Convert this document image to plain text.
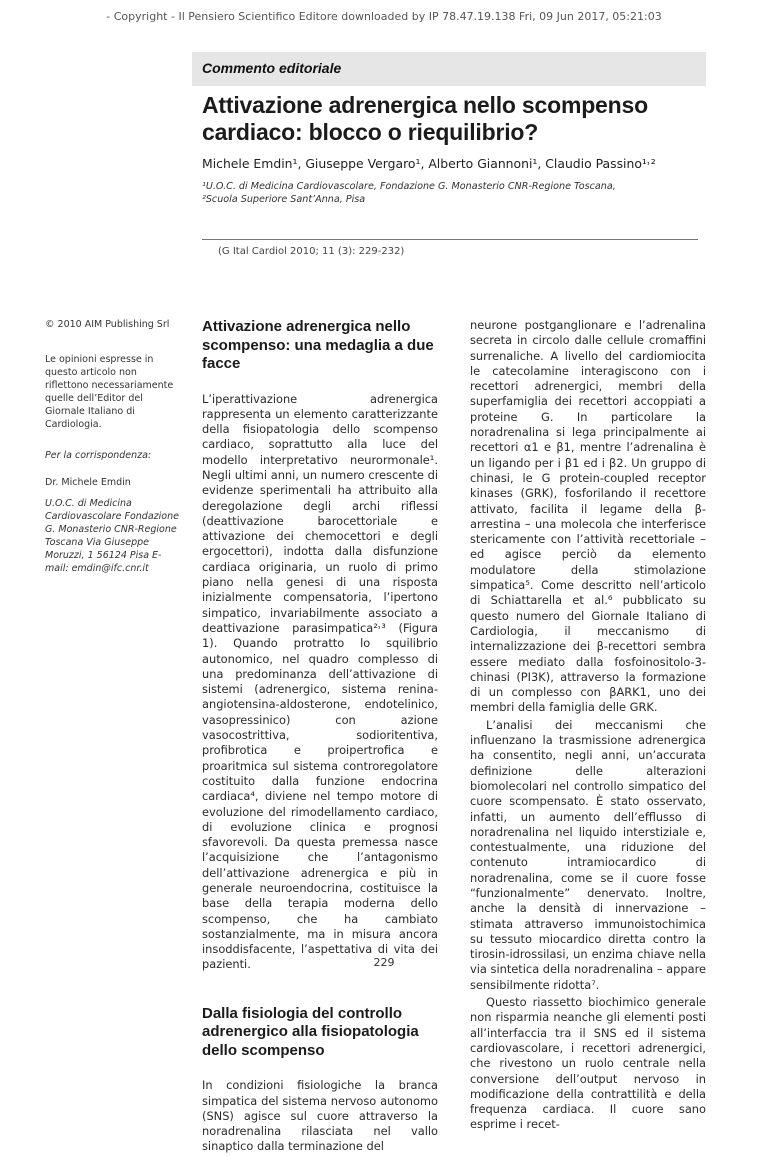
- Copyright - Il Pensiero Scientifico Editore downloaded by IP 78.47.19.138 Fri, 09 Jun 2017, 05:21:03
Commento editoriale
Attivazione adrenergica nello scompenso cardiaco: blocco o riequilibrio?
Michele Emdin¹, Giuseppe Vergaro¹, Alberto Giannoni¹, Claudio Passino¹˒²
¹U.O.C. di Medicina Cardiovascolare, Fondazione G. Monasterio CNR-Regione Toscana,
²Scuola Superiore Sant’Anna, Pisa
(G Ital Cardiol 2010; 11 (3): 229-232)

© 2010 AIM Publishing Srl

Le opinioni espresse in questo articolo non riflettono necessariamente quelle dell’Editor del Giornale Italiano di Cardiologia.

Per la corrispondenza:

Dr. Michele Emdin

U.O.C. di Medicina Cardiovascolare Fondazione G. Monasterio CNR-Regione Toscana Via Giuseppe Moruzzi, 1 56124 Pisa E-mail: emdin@ifc.cnr.it

Attivazione adrenergica nello scompenso: una medaglia a due facce

L’iperattivazione adrenergica rappresenta un elemento caratterizzante della fisiopatologia dello scompenso cardiaco, soprattutto alla luce del modello interpretativo neurormonale¹. Negli ultimi anni, un numero crescente di evidenze sperimentali ha attribuito alla deregolazione degli archi riflessi (deattivazione barocettoriale e attivazione dei chemocettori e degli ergocettori), indotta dalla disfunzione cardiaca originaria, un ruolo di primo piano nella genesi di una risposta inizialmente compensatoria, l’ipertono simpatico, invariabilmente associato a deattivazione parasimpatica²˒³ (Figura 1). Quando protratto lo squilibrio autonomico, nel quadro complesso di una predominanza dell’attivazione di sistemi (adrenergico, sistema renina-angiotensina-aldosterone, endotelinico, vasopressinico) con azione vasocostrittiva, sodioritentiva, profibrotica e proipertrofica e proaritmica sul sistema controregolatore costituito dalla funzione endocrina cardiaca⁴, diviene nel tempo motore di evoluzione del rimodellamento cardiaco, di evoluzione clinica e prognosi sfavorevoli. Da questa premessa nasce l’acquisizione che l’antagonismo dell’attivazione adrenergica e più in generale neuroendocrina, costituisce la base della terapia moderna dello scompenso, che ha cambiato sostanzialmente, ma in misura ancora insoddisfacente, l’aspettativa di vita dei pazienti.

Dalla fisiologia del controllo adrenergico alla fisiopatologia dello scompenso

In condizioni fisiologiche la branca simpatica del sistema nervoso autonomo (SNS) agisce sul cuore attraverso la noradrenalina rilasciata nel vallo sinaptico dalla terminazione del

neurone postganglionare e l’adrenalina secreta in circolo dalle cellule cromaffini surrenaliche. A livello del cardiomiocita le catecolamine interagiscono con i recettori adrenergici, membri della superfamiglia dei recettori accoppiati a proteine G. In particolare la noradrenalina si lega principalmente ai recettori α1 e β1, mentre l’adrenalina è un ligando per i β1 ed i β2. Un gruppo di chinasi, le G protein-coupled receptor kinases (GRK), fosforilando il recettore attivato, facilita il legame della β-arrestina – una molecola che interferisce stericamente con l’attività recettoriale – ed agisce perciò da elemento modulatore della stimolazione simpatica⁵. Come descritto nell’articolo di Schiattarella et al.⁶ pubblicato su questo numero del Giornale Italiano di Cardiologia, il meccanismo di internalizzazione dei β-recettori sembra essere mediato dalla fosfoinositolo-3-chinasi (PI3K), attraverso la formazione di un complesso con βARK1, uno dei membri della famiglia delle GRK.

L’analisi dei meccanismi che influenzano la trasmissione adrenergica ha consentito, negli anni, un’accurata definizione delle alterazioni biomolecolari nel controllo simpatico del cuore scompensato. È stato osservato, infatti, un aumento dell’efflusso di noradrenalina nel liquido interstiziale e, contestualmente, una riduzione del contenuto intramiocardico di noradrenalina, come se il cuore fosse “funzionalmente” denervato. Inoltre, anche la densità di innervazione – stimata attraverso immunoistochimica su tessuto miocardico diretta contro la tirosin-idrossilasi, un enzima chiave nella via sintetica della noradrenalina – appare sensibilmente ridotta⁷.

Questo riassetto biochimico generale non risparmia neanche gli elementi posti all’interfaccia tra il SNS ed il sistema cardiovascolare, i recettori adrenergici, che rivestono un ruolo centrale nella conversione dell’output nervoso in modificazione della contrattilità e della frequenza cardiaca. Il cuore sano esprime i recet-

229
